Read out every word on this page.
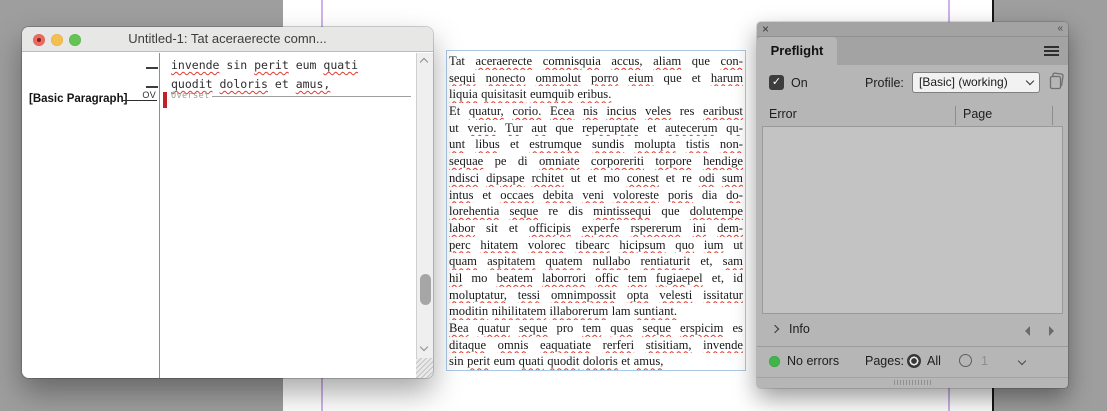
Tat aceraerecte comnisquia accus, aliam que con-
sequi nonecto ommolut porro eium que et harum
liquia quisitasit eumquib eribus.
Et quatur, corio. Ecea nis incius veles res earibust
ut verio. Tur aut que reperuptate et autecerum qu-
unt libus et estrumque sundis molupta tistis non-
sequae pe di omniate corporeriti torpore hendige
ndisci dipsape rchitet ut et mo conest et re odi sum
intus et occaes debita veni voloreste poris dia do-
lorehentia seque re dis mintissequi que dolutempe
labor sit et officipis experfe rspererum ini dem-
perc hitatem volorec tibearc hicipsum quo ium ut
quam aspitatem quatem nullabo rentiaturit et, sam
hil mo beatem laborrori offic tem fugiaepel et, id
moluptatur, tessi omnimpossit opta velesti issitatur
moditin nihilitatem illaborerum lam suntiant.
Bea quatur seque pro tem quas seque erspicim es
ditaque omnis eaquatiate rerferi stisitiam, invende
sin perit eum quati quodit doloris et amus,
Untitled-1: Tat aceraerecte comn...
[Basic Paragraph] OV
invende sin perit eum quati
quodit doloris et amus,
Overset
×	«
Preflight
✓ On	Profile:	[Basic] (working)
Error	Page
Info
No errors Pages: All	1
